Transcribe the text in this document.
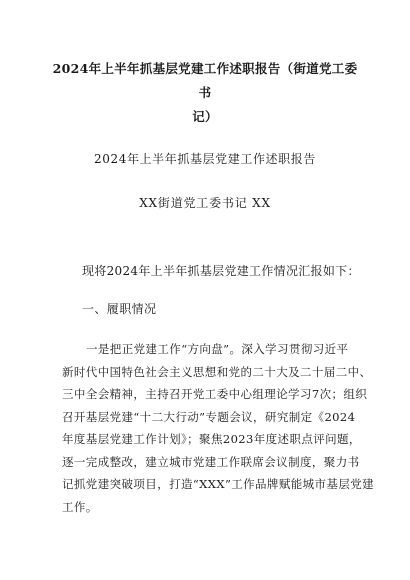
2024年上半年抓基层党建工作述职报告（街道党工委书
记）
2024年上半年抓基层党建工作述职报告
XX街道党工委书记 XX
现将2024年上半年抓基层党建工作情况汇报如下：
一、履职情况
一是把正党建工作“方向盘”。深入学习贯彻习近平
新时代中国特色社会主义思想和党的二十大及二十届二中、
三中全会精神，主持召开党工委中心组理论学习7次；组织
召开基层党建“十二大行动”专题会议，研究制定《2024
年度基层党建工作计划》；聚焦2023年度述职点评问题，
逐一完成整改，建立城市党建工作联席会议制度，聚力书
记抓党建突破项目，打造“XXX”工作品牌赋能城市基层党建
工作。
